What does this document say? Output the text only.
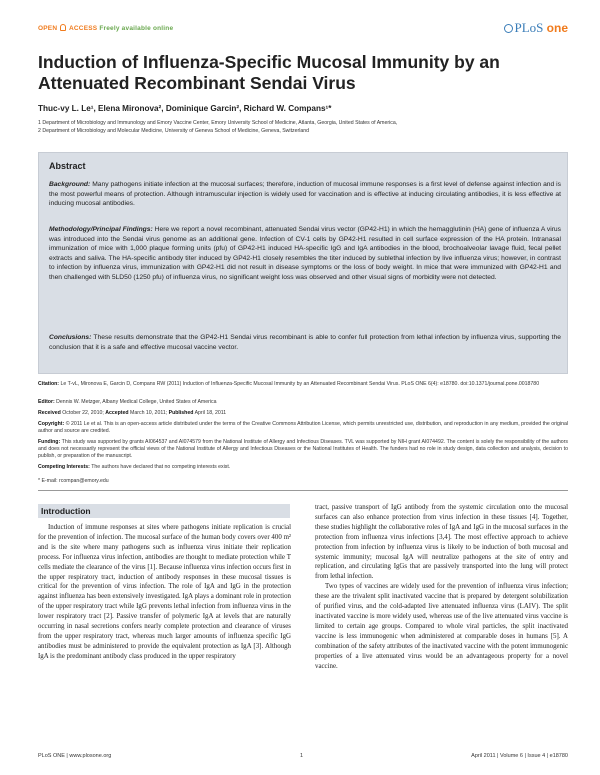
OPEN ACCESS Freely available online	PLoS one
Induction of Influenza-Specific Mucosal Immunity by an Attenuated Recombinant Sendai Virus
Thuc-vy L. Le¹, Elena Mironova², Dominique Garcin², Richard W. Compans¹*
1 Department of Microbiology and Immunology and Emory Vaccine Center, Emory University School of Medicine, Atlanta, Georgia, United States of America,
2 Department of Microbiology and Molecular Medicine, University of Geneva School of Medicine, Geneva, Switzerland
Abstract
Background: Many pathogens initiate infection at the mucosal surfaces; therefore, induction of mucosal immune responses is a first level of defense against infection and is the most powerful means of protection. Although intramuscular injection is widely used for vaccination and is effective at inducing circulating antibodies, it is less effective at inducing mucosal antibodies.
Methodology/Principal Findings: Here we report a novel recombinant, attenuated Sendai virus vector (GP42-H1) in which the hemagglutinin (HA) gene of influenza A virus was introduced into the Sendai virus genome as an additional gene. Infection of CV-1 cells by GP42-H1 resulted in cell surface expression of the HA protein. Intranasal immunization of mice with 1,000 plaque forming units (pfu) of GP42-H1 induced HA-specific IgG and IgA antibodies in the blood, brochoalveolar lavage fluid, fecal pellet extracts and saliva. The HA-specific antibody titer induced by GP42-H1 closely resembles the titer induced by sublethal infection by live influenza virus; however, in contrast to infection by influenza virus, immunization with GP42-H1 did not result in disease symptoms or the loss of body weight. In mice that were immunized with GP42-H1 and then challenged with 5LD50 (1250 pfu) of influenza virus, no significant weight loss was observed and other visual signs of morbidity were not detected.
Conclusions: These results demonstrate that the GP42-H1 Sendai virus recombinant is able to confer full protection from lethal infection by influenza virus, supporting the conclusion that it is a safe and effective mucosal vaccine vector.
Citation: Le T-vL, Mironova E, Garcin D, Compans RW (2011) Induction of Influenza-Specific Mucosal Immunity by an Attenuated Recombinant Sendai Virus. PLoS ONE 6(4): e18780. doi:10.1371/journal.pone.0018780
Editor: Dennis W. Metzger, Albany Medical College, United States of America
Received October 22, 2010; Accepted March 10, 2011; Published April 18, 2011
Copyright: © 2011 Le et al. This is an open-access article distributed under the terms of the Creative Commons Attribution License, which permits unrestricted use, distribution, and reproduction in any medium, provided the original author and source are credited.
Funding: This study was supported by grants AI064537 and AI074579 from the National Institute of Allergy and Infectious Diseases. TVL was supported by NIH grant AI074492. The content is solely the responsibility of the authors and does not necessarily represent the official views of the National Institute of Allergy and Infectious Diseases or the National Institutes of Health. The funders had no role in study design, data collection and analysis, decision to publish, or preparation of the manuscript.
Competing Interests: The authors have declared that no competing interests exist.
* E-mail: rcompan@emory.edu
Introduction

Induction of immune responses at sites where pathogens initiate replication is crucial for the prevention of infection. The mucosal surface of the human body covers over 400 m² and is the site where many pathogens such as influenza virus initiate their replication process. For influenza virus infection, antibodies are thought to mediate protection while T cells mediate the clearance of the virus [1]. Because influenza virus infection occurs first in the upper respiratory tract, induction of antibody responses in these mucosal tissues is critical for the prevention of virus infection. The role of IgA and IgG in the protection against influenza has been extensively investigated. IgA plays a dominant role in protection of the upper respiratory tract while IgG prevents lethal infection from influenza virus in the lower respiratory tract [2]. Passive transfer of polymeric IgA at levels that are naturally occurring in nasal secretions confers nearly complete protection and clearance of viruses from the upper respiratory tract, whereas much larger amounts of influenza specific IgG antibodies must be administered to provide the equivalent protection as IgA [3]. Although IgA is the predominant antibody class produced in the upper respiratory

tract, passive transport of IgG antibody from the systemic circulation onto the mucosal surfaces can also enhance protection from virus infection in these tissues [4]. Together, these studies highlight the collaborative roles of IgA and IgG in the mucosal surfaces in the protection from influenza virus infections [3,4]. The most effective approach to achieve protection from infection by influenza virus is likely to be induction of both mucosal and systemic immunity; mucosal IgA will neutralize pathogens at the site of entry and replication, and circulating IgGs that are passively transported into the lung will protect from lethal infection.

Two types of vaccines are widely used for the prevention of influenza virus infection; these are the trivalent split inactivated vaccine that is prepared by detergent solubilization of purified virus, and the cold-adapted live attenuated influenza virus (LAIV). The split inactivated vaccine is more widely used, whereas use of the live attenuated virus vaccine is limited to certain age groups. Compared to whole viral particles, the split inactivated vaccine is less immunogenic when administered at comparable doses in humans [5]. A combination of the safety attributes of the inactivated vaccine with the potent immunogenic properties of a live attenuated virus would be an advantageous property for a novel vaccine.

PLoS ONE | www.plosone.org	1	April 2011 | Volume 6 | Issue 4 | e18780
